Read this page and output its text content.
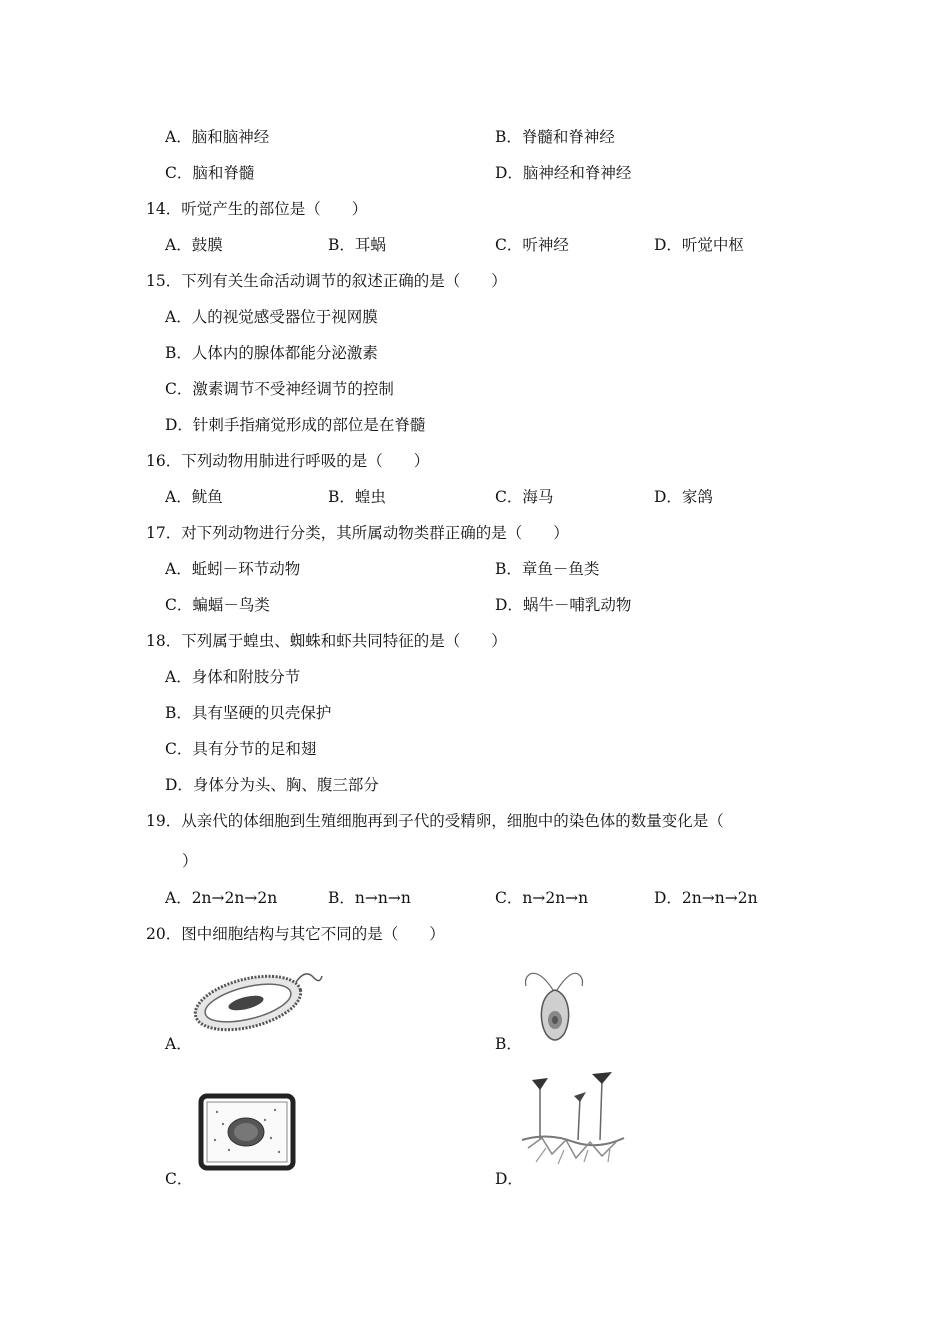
A．脑和脑神经	B．脊髓和脊神经
C．脑和脊髓	D．脑神经和脊神经
14．听觉产生的部位是（　　）
A．鼓膜	B．耳蜗	C．听神经	D．听觉中枢
15．下列有关生命活动调节的叙述正确的是（　　）
A．人的视觉感受器位于视网膜
B．人体内的腺体都能分泌激素
C．激素调节不受神经调节的控制
D．针刺手指痛觉形成的部位是在脊髓
16．下列动物用肺进行呼吸的是（　　）
A．鱿鱼	B．蝗虫	C．海马	D．家鸽
17．对下列动物进行分类，其所属动物类群正确的是（　　）
A．蚯蚓－环节动物	B．章鱼－鱼类
C．蝙蝠－鸟类	D．蜗牛－哺乳动物
18．下列属于蝗虫、蜘蛛和虾共同特征的是（　　）
A．身体和附肢分节
B．具有坚硬的贝壳保护
C．具有分节的足和翅
D．身体分为头、胸、腹三部分
19．从亲代的体细胞到生殖细胞再到子代的受精卵，细胞中的染色体的数量变化是（
）
A．2n→2n→2n	B．n→n→n	C．n→2n→n	D．2n→n→2n
20．图中细胞结构与其它不同的是（　　）
A．	B．
C．	D．
